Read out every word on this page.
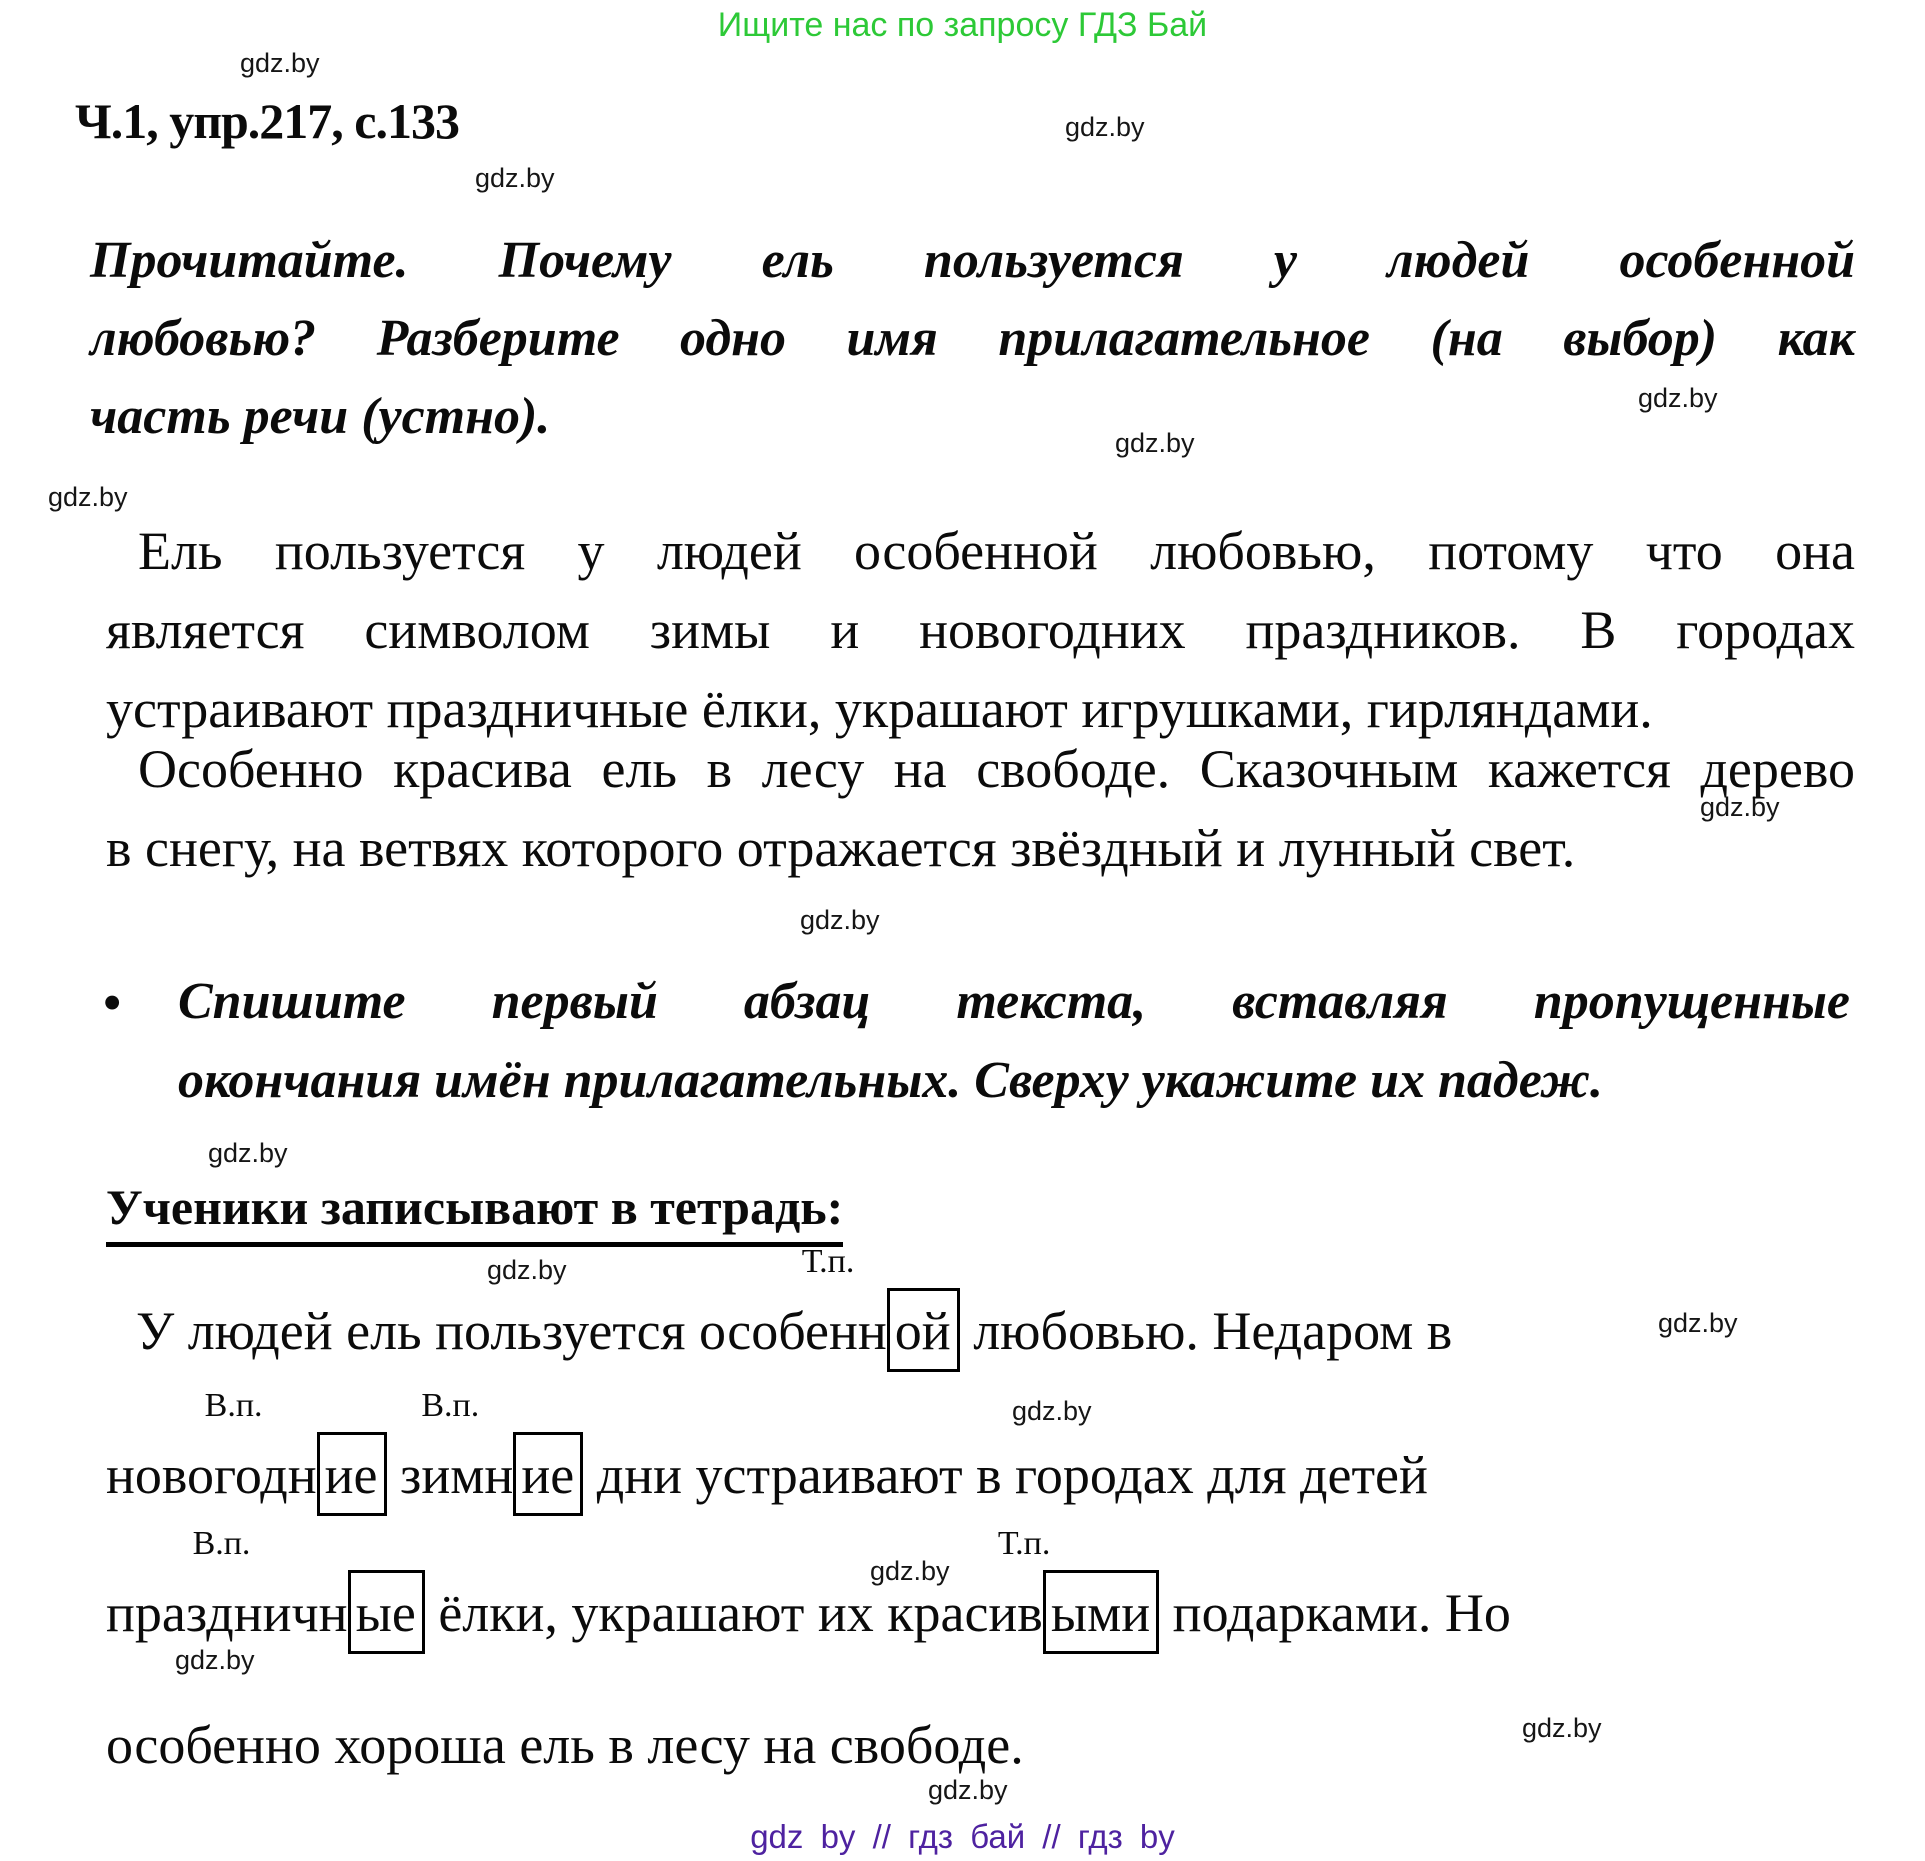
Ищите нас по запросу ГДЗ Бай
gdz.by
gdz.by
gdz.by
gdz.by
gdz.by
gdz.by
gdz.by
gdz.by
gdz.by
gdz.by
gdz.by
gdz.by
gdz.by
gdz.by
gdz.by
gdz.by
Ч.1, упр.217, с.133
Прочитайте. Почему ель пользуется у людей особенной
любовью? Разберите одно имя прилагательное (на выбор) как
часть речи (устно).
Ель пользуется у людей особенной любовью, потому что она
является символом зимы и новогодних праздников. В городах
устраивают праздничные ёлки, украшают игрушками, гирляндами.
Особенно красива ель в лесу на свободе. Сказочным кажется дерево
в снегу, на ветвях которого отражается звёздный и лунный свет.
• Спишите первый абзац текста, вставляя пропущенные
окончания имён прилагательных. Сверху укажите их падеж.
Ученики записывают в тетрадь:
У людей ель пользуется особенн
Т.п.
ой любовью. Недаром в
новогодн
В.п.
ие зимн
В.п.
ие дни устраивают в городах для детей
праздничн
В.п.
ые ёлки, украшают их красив
Т.п.
ыми подарками. Но
особенно хороша ель в лесу на свободе.
gdz by // гдз бай // гдз by
